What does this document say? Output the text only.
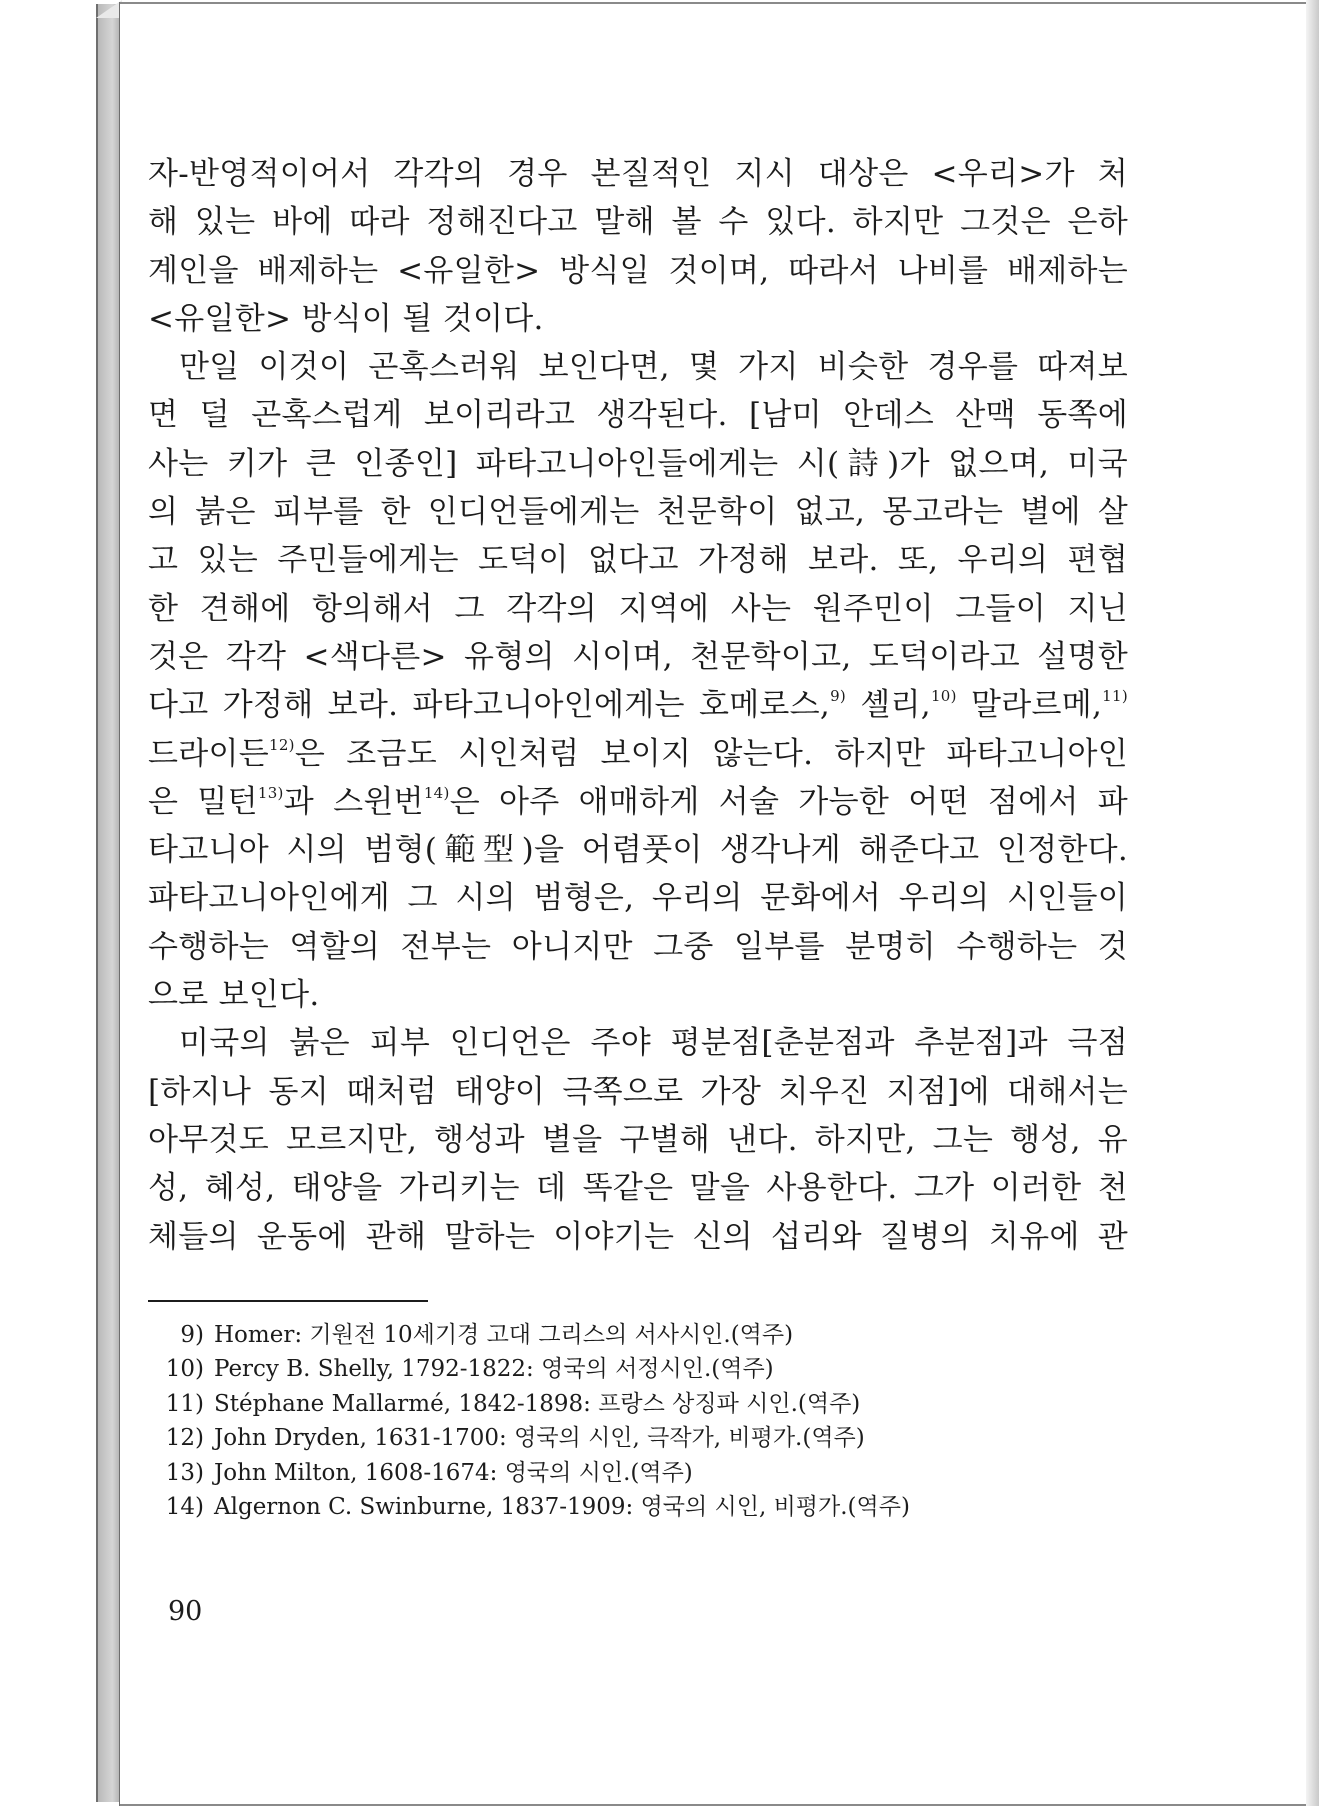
자-반영적이어서 각각의 경우 본질적인 지시 대상은 <우리>가 처
해 있는 바에 따라 정해진다고 말해 볼 수 있다. 하지만 그것은 은하
계인을 배제하는 <유일한> 방식일 것이며, 따라서 나비를 배제하는
<유일한> 방식이 될 것이다.

만일 이것이 곤혹스러워 보인다면, 몇 가지 비슷한 경우를 따져보
면 덜 곤혹스럽게 보이리라고 생각된다. [남미 안데스 산맥 동쪽에
사는 키가 큰 인종인] 파타고니아인들에게는 시(詩)가 없으며, 미국
의 붉은 피부를 한 인디언들에게는 천문학이 없고, 몽고라는 별에 살
고 있는 주민들에게는 도덕이 없다고 가정해 보라. 또, 우리의 편협
한 견해에 항의해서 그 각각의 지역에 사는 원주민이 그들이 지닌
것은 각각 <색다른> 유형의 시이며, 천문학이고, 도덕이라고 설명한
다고 가정해 보라. 파타고니아인에게는 호메로스,$^{9)}$ 셸리,$^{10)}$ 말라르메,$^{11)}$
드라이든$^{12)}$은 조금도 시인처럼 보이지 않는다. 하지만 파타고니아인
은 밀턴$^{13)}$과 스윈번$^{14)}$은 아주 애매하게 서술 가능한 어떤 점에서 파
타고니아 시의 범형(範型)을 어렴풋이 생각나게 해준다고 인정한다.
파타고니아인에게 그 시의 범형은, 우리의 문화에서 우리의 시인들이
수행하는 역할의 전부는 아니지만 그중 일부를 분명히 수행하는 것
으로 보인다.

미국의 붉은 피부 인디언은 주야 평분점[춘분점과 추분점]과 극점
[하지나 동지 때처럼 태양이 극쪽으로 가장 치우진 지점]에 대해서는
아무것도 모르지만, 행성과 별을 구별해 낸다. 하지만, 그는 행성, 유
성, 혜성, 태양을 가리키는 데 똑같은 말을 사용한다. 그가 이러한 천
체들의 운동에 관해 말하는 이야기는 신의 섭리와 질병의 치유에 관

9) Homer: 기원전 10세기경 고대 그리스의 서사시인.(역주)
10) Percy B. Shelly, 1792-1822: 영국의 서정시인.(역주)
11) Stéphane Mallarmé, 1842-1898: 프랑스 상징파 시인.(역주)
12) John Dryden, 1631-1700: 영국의 시인, 극작가, 비평가.(역주)
13) John Milton, 1608-1674: 영국의 시인.(역주)
14) Algernon C. Swinburne, 1837-1909: 영국의 시인, 비평가.(역주)
90
